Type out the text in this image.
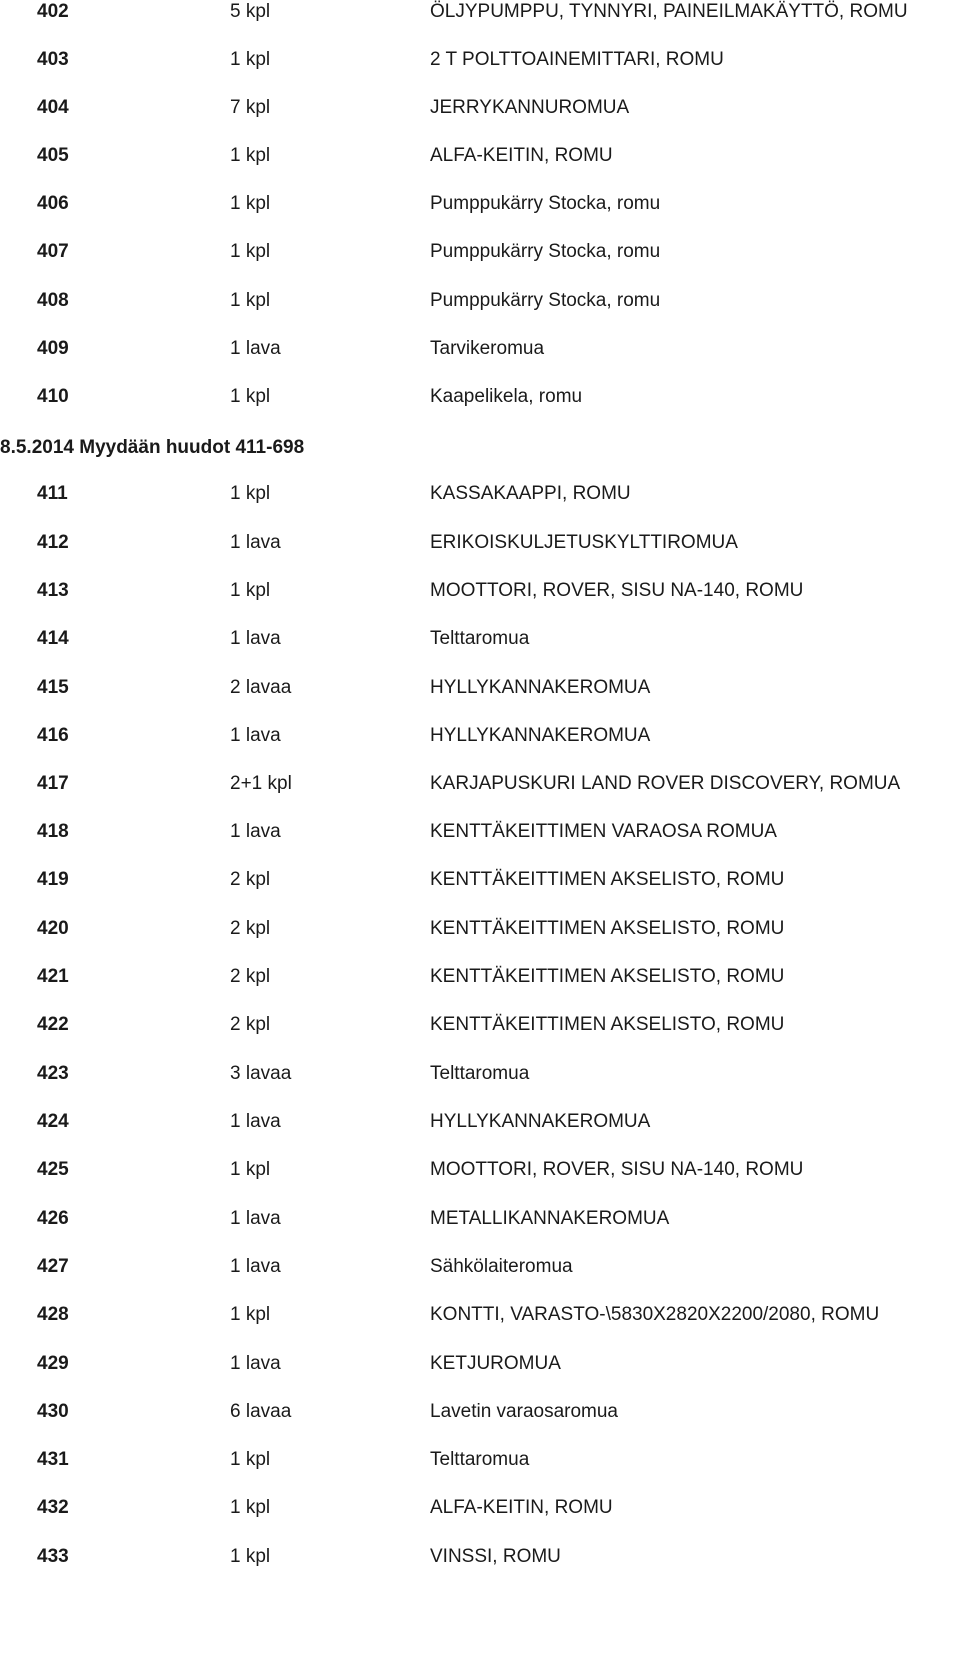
402	5 kpl	ÖLJYPUMPPU, TYNNYRI, PAINEILMAKÄYTTÖ, ROMU
403	1 kpl	2 T POLTTOAINEMITTARI, ROMU
404	7 kpl	JERRYKANNUROMUA
405	1 kpl	ALFA-KEITIN, ROMU
406	1 kpl	Pumppukärry Stocka, romu
407	1 kpl	Pumppukärry Stocka, romu
408	1 kpl	Pumppukärry Stocka, romu
409	1 lava	Tarvikeromua
410	1 kpl	Kaapelikela, romu
8.5.2014 Myydään huudot 411-698
411	1 kpl	KASSAKAAPPI, ROMU
412	1 lava	ERIKOISKULJETUSKYLTTIROMUA
413	1 kpl	MOOTTORI, ROVER, SISU NA-140, ROMU
414	1 lava	Telttaromua
415	2 lavaa	HYLLYKANNAKEROMUA
416	1 lava	HYLLYKANNAKEROMUA
417	2+1 kpl	KARJAPUSKURI LAND ROVER DISCOVERY, ROMUA
418	1 lava	KENTTÄKEITTIMEN VARAOSA ROMUA
419	2 kpl	KENTTÄKEITTIMEN AKSELISTO, ROMU
420	2 kpl	KENTTÄKEITTIMEN AKSELISTO, ROMU
421	2 kpl	KENTTÄKEITTIMEN AKSELISTO, ROMU
422	2 kpl	KENTTÄKEITTIMEN AKSELISTO, ROMU
423	3 lavaa	Telttaromua
424	1 lava	HYLLYKANNAKEROMUA
425	1 kpl	MOOTTORI, ROVER, SISU NA-140, ROMU
426	1 lava	METALLIKANNAKEROMUA
427	1 lava	Sähkölaiteromua
428	1 kpl	KONTTI, VARASTO-\5830X2820X2200/2080, ROMU
429	1 lava	KETJUROMUA
430	6 lavaa	Lavetin varaosaromua
431	1 kpl	Telttaromua
432	1 kpl	ALFA-KEITIN, ROMU
433	1 kpl	VINSSI, ROMU
